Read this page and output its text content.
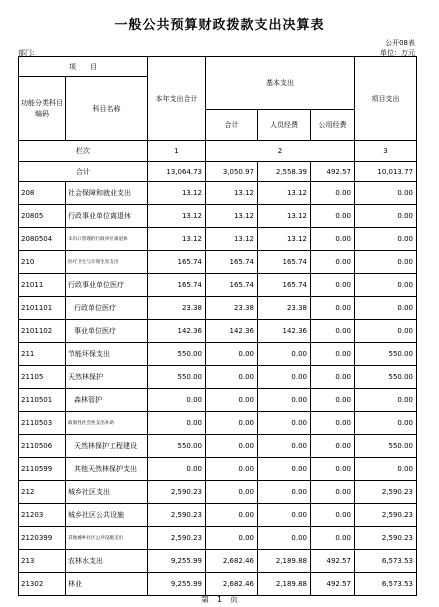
一般公共预算财政拨款支出决算表
公开08表
部门:	单位：万元
项　　目		本年支出合计	基本支出			项目支出
功能分类科目编码	科目名称					
			合计	人员经费	公用经费	
栏次		1	2			3
合计		13,064.73	3,050.97	2,558.39	492.57	10,013.77
208	社会保障和就业支出	13.12	13.12	13.12	0.00	0.00
20805	行政事业单位离退休	13.12	13.12	13.12	0.00	0.00
2080504	未归口管理的行政单位离退休	13.12	13.12	13.12	0.00	0.00
210	医疗卫生与计划生育支出	165.74	165.74	165.74	0.00	0.00
21011	行政事业单位医疗	165.74	165.74	165.74	0.00	0.00
2101101	行政单位医疗	23.38	23.38	23.38	0.00	0.00
2101102	事业单位医疗	142.36	142.36	142.36	0.00	0.00
211	节能环保支出	550.00	0.00	0.00	0.00	550.00
21105	天然林保护	550.00	0.00	0.00	0.00	550.00
2110501	森林管护	0.00	0.00	0.00	0.00	0.00
2110503	政策性社会性支出补助	0.00	0.00	0.00	0.00	0.00
2110506	天然林保护工程建设	550.00	0.00	0.00	0.00	550.00
2110599	其他天然林保护支出	0.00	0.00	0.00	0.00	0.00
212	城乡社区支出	2,590.23	0.00	0.00	0.00	2,590.23
21203	城乡社区公共设施	2,590.23	0.00	0.00	0.00	2,590.23
2120399	其他城乡社区公共设施支出	2,590.23	0.00	0.00	0.00	2,590.23
213	农林水支出	9,255.99	2,682.46	2,189.88	492.57	6,573.53
21302	林业	9,255.99	2,682.46	2,189.88	492.57	6,573.53
第　1　页
